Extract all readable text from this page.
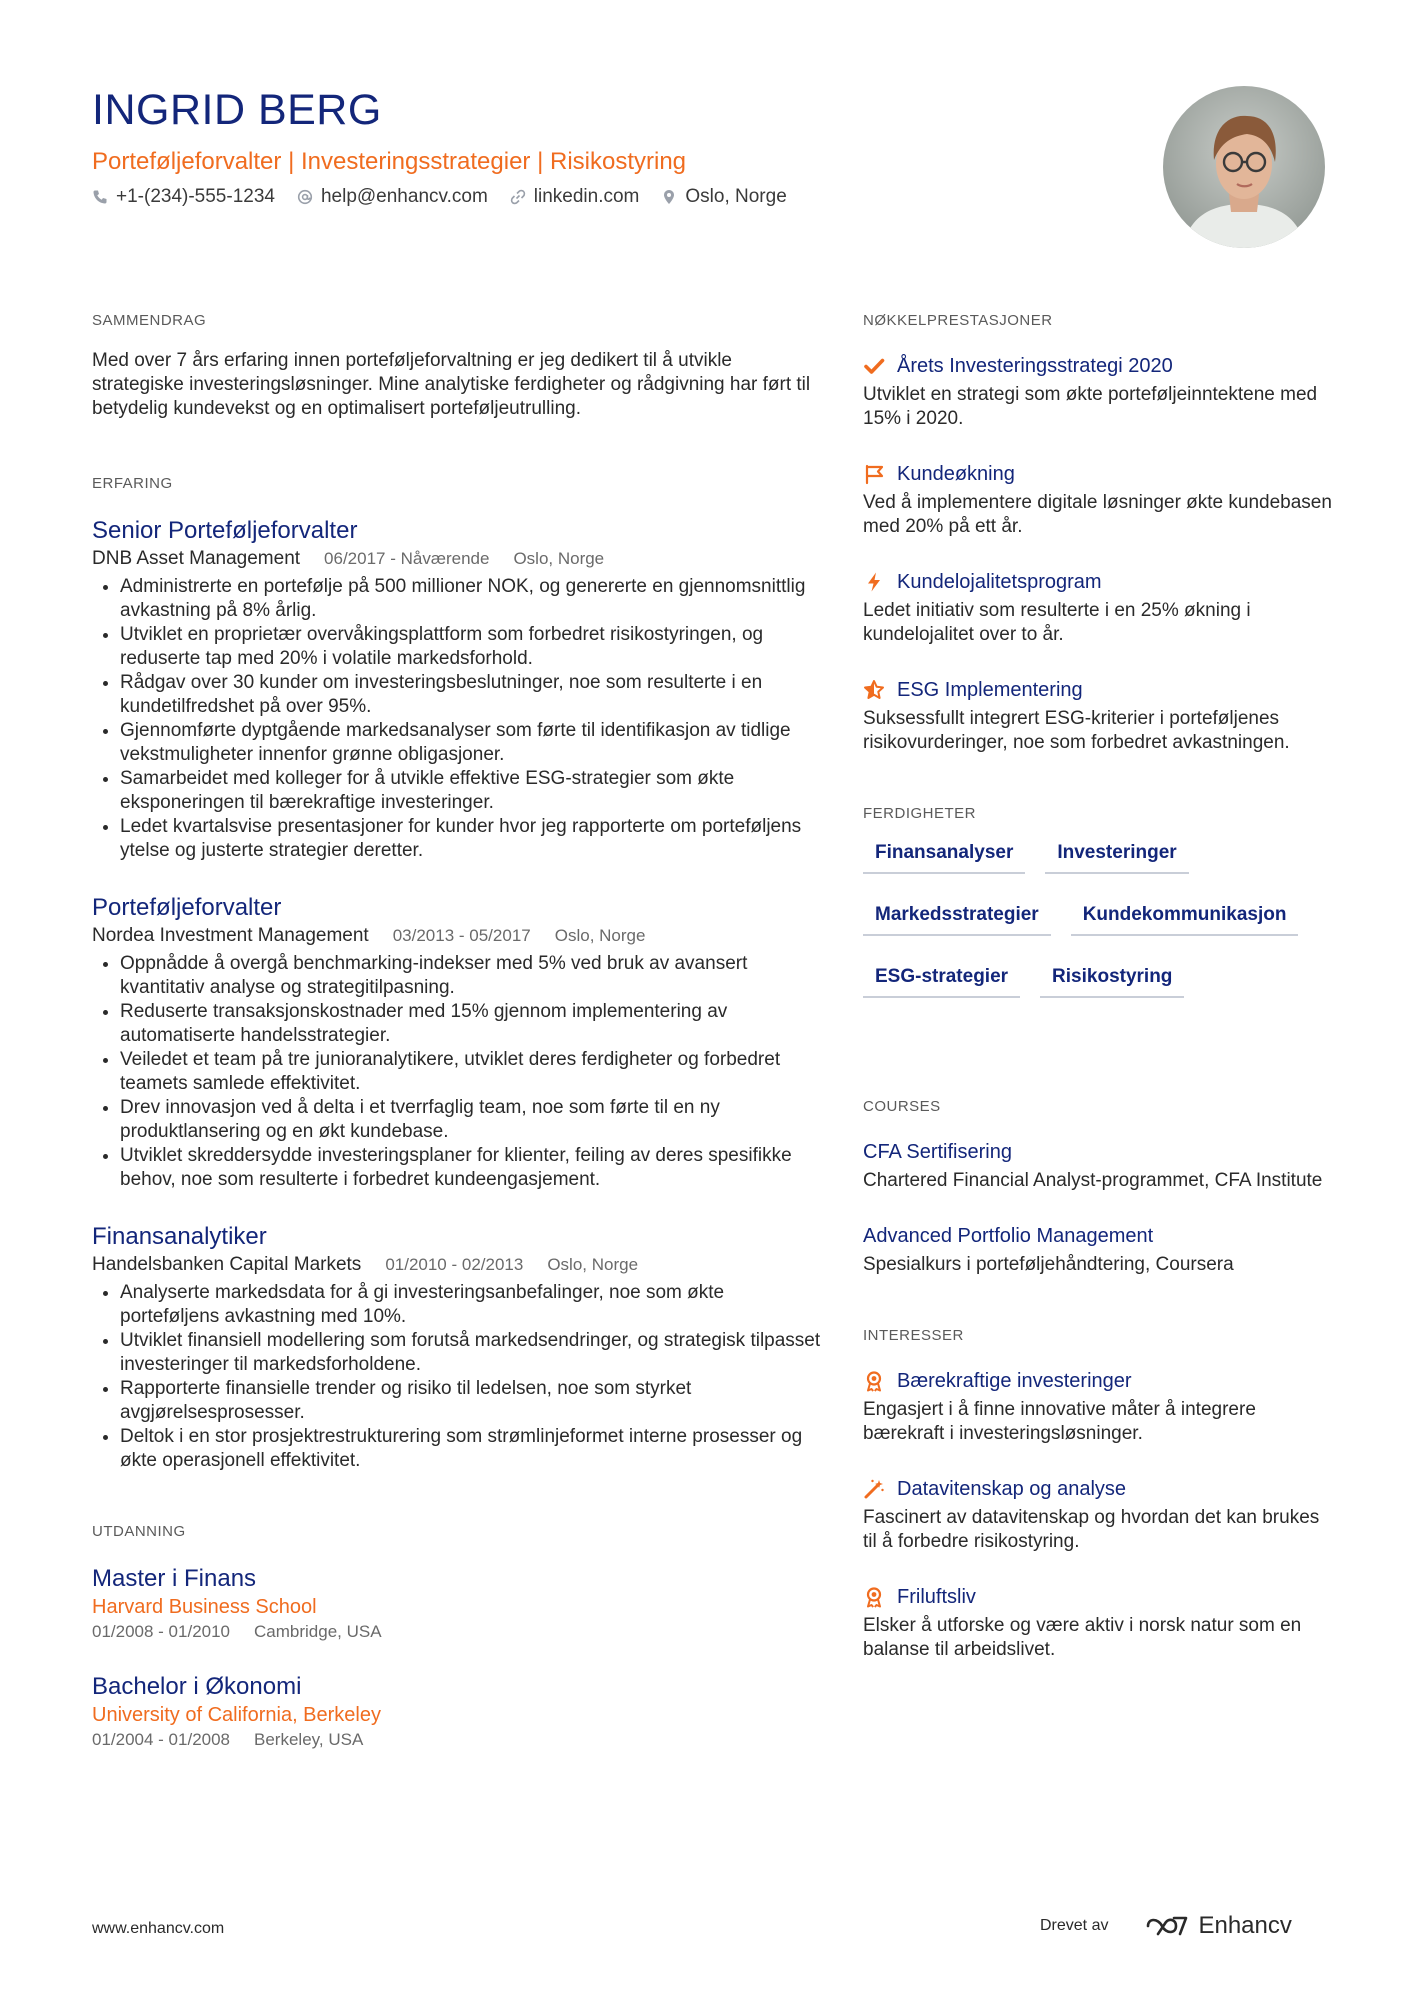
INGRID BERG
Porteføljeforvalter | Investeringsstrategier | Risikostyring
+1-(234)-555-1234 help@enhancv.com linkedin.com Oslo, Norge
SAMMENDRAG
Med over 7 års erfaring innen porteføljeforvaltning er jeg dedikert til å utvikle strategiske investeringsløsninger. Mine analytiske ferdigheter og rådgivning har ført til betydelig kundevekst og en optimalisert porteføljeutrulling.
ERFARING
Senior Porteføljeforvalter
DNB Asset Management 06/2017 - Nåværende Oslo, Norge
• Administrerte en portefølje på 500 millioner NOK, og genererte en gjennomsnittlig avkastning på 8% årlig.
• Utviklet en proprietær overvåkingsplattform som forbedret risikostyringen, og reduserte tap med 20% i volatile markedsforhold.
• Rådgav over 30 kunder om investeringsbeslutninger, noe som resulterte i en kundetilfredshet på over 95%.
• Gjennomførte dyptgående markedsanalyser som førte til identifikasjon av tidlige vekstmuligheter innenfor grønne obligasjoner.
• Samarbeidet med kolleger for å utvikle effektive ESG-strategier som økte eksponeringen til bærekraftige investeringer.
• Ledet kvartalsvise presentasjoner for kunder hvor jeg rapporterte om porteføljens ytelse og justerte strategier deretter.
Porteføljeforvalter
Nordea Investment Management 03/2013 - 05/2017 Oslo, Norge
• Oppnådde å overgå benchmarking-indekser med 5% ved bruk av avansert kvantitativ analyse og strategitilpasning.
• Reduserte transaksjonskostnader med 15% gjennom implementering av automatiserte handelsstrategier.
• Veiledet et team på tre junioranalytikere, utviklet deres ferdigheter og forbedret teamets samlede effektivitet.
• Drev innovasjon ved å delta i et tverrfaglig team, noe som førte til en ny produktlansering og en økt kundebase.
• Utviklet skreddersydde investeringsplaner for klienter, feiling av deres spesifikke behov, noe som resulterte i forbedret kundeengasjement.
Finansanalytiker
Handelsbanken Capital Markets 01/2010 - 02/2013 Oslo, Norge
• Analyserte markedsdata for å gi investeringsanbefalinger, noe som økte porteføljens avkastning med 10%.
• Utviklet finansiell modellering som forutså markedsendringer, og strategisk tilpasset investeringer til markedsforholdene.
• Rapporterte finansielle trender og risiko til ledelsen, noe som styrket avgjørelsesprosesser.
• Deltok i en stor prosjektrestrukturering som strømlinjeformet interne prosesser og økte operasjonell effektivitet.
UTDANNING
Master i Finans
Harvard Business School
01/2008 - 01/2010 Cambridge, USA
Bachelor i Økonomi
University of California, Berkeley
01/2004 - 01/2008 Berkeley, USA
NØKKELPRESTASJONER
Årets Investeringsstrategi 2020
Utviklet en strategi som økte porteføljeinntektene med 15% i 2020.
Kundeøkning
Ved å implementere digitale løsninger økte kundebasen med 20% på ett år.
Kundelojalitetsprogram
Ledet initiativ som resulterte i en 25% økning i kundelojalitet over to år.
ESG Implementering
Suksessfullt integrert ESG-kriterier i porteføljenes risikovurderinger, noe som forbedret avkastningen.
FERDIGHETER
Finansanalyser	Investeringer
Markedsstrategier	Kundekommunikasjon
ESG-strategier	Risikostyring
COURSES
CFA Sertifisering
Chartered Financial Analyst-programmet, CFA Institute
Advanced Portfolio Management
Spesialkurs i porteføljehåndtering, Coursera
INTERESSER
Bærekraftige investeringer
Engasjert i å finne innovative måter å integrere bærekraft i investeringsløsninger.
Datavitenskap og analyse
Fascinert av datavitenskap og hvordan det kan brukes til å forbedre risikostyring.
Friluftsliv
Elsker å utforske og være aktiv i norsk natur som en balanse til arbeidslivet.
www.enhancv.com	Drevet av	Enhancv
